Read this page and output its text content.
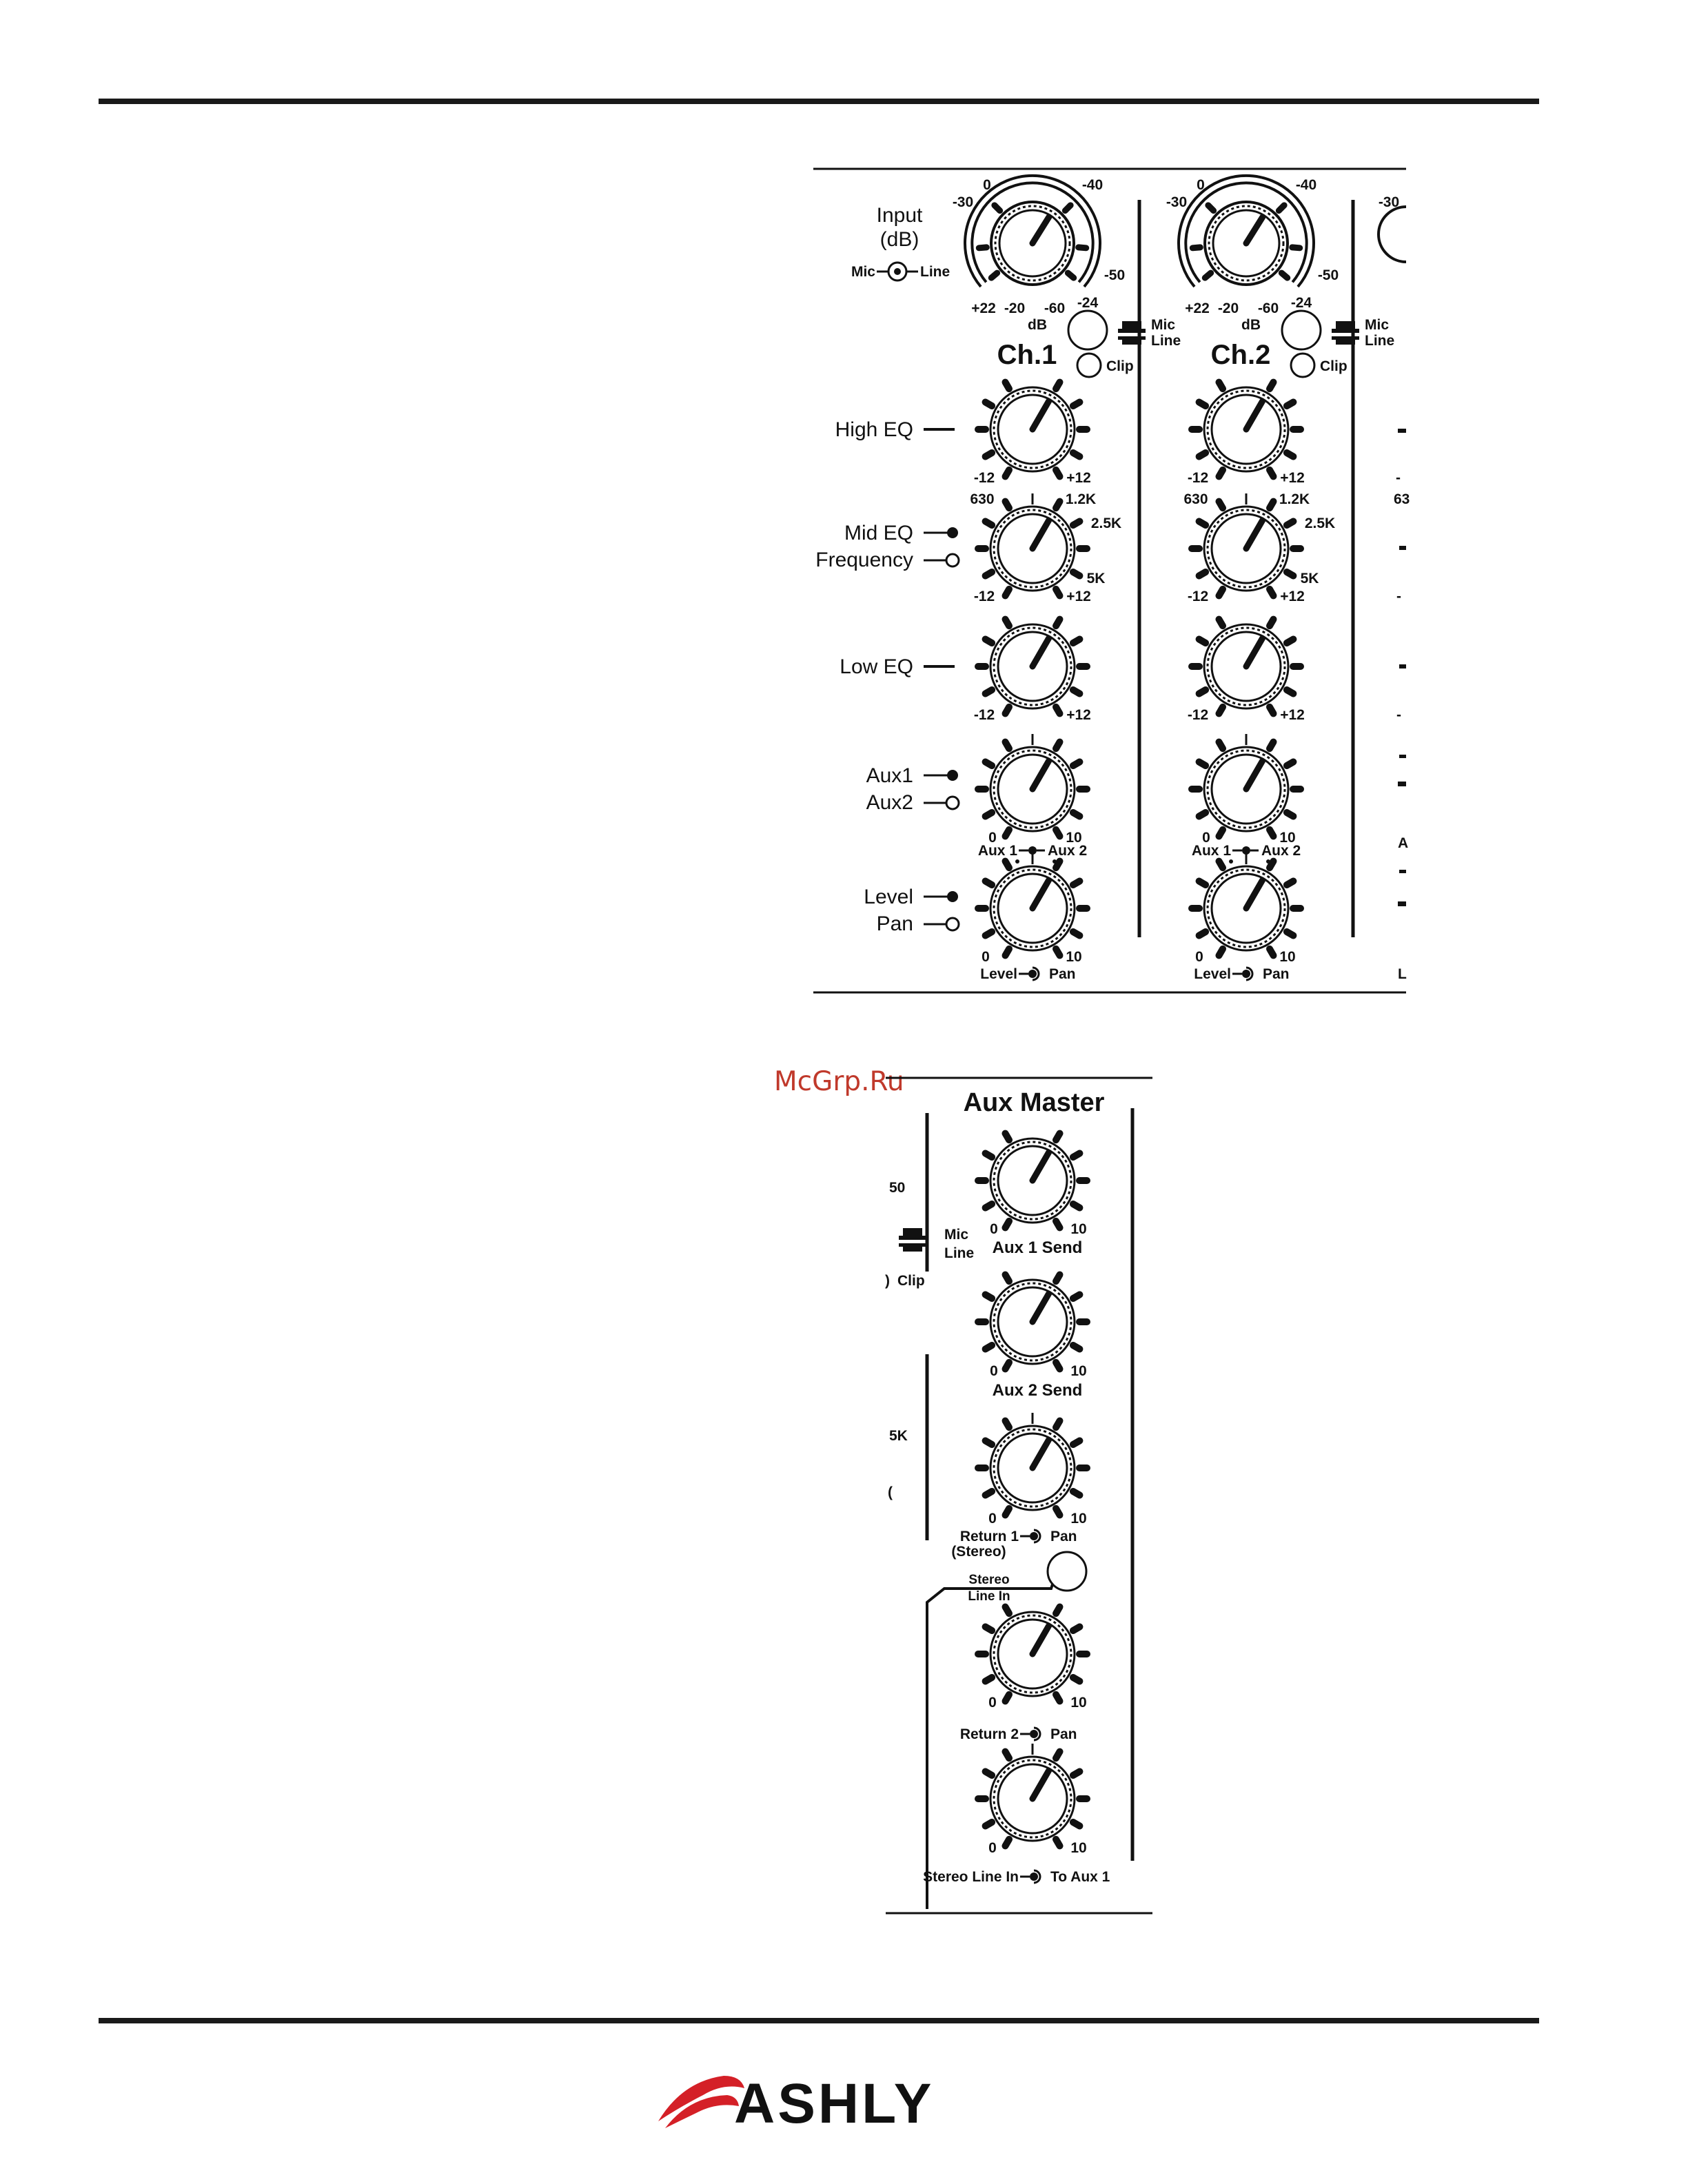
McGrp.Ru
Input
(dB)
Mic	Line
High EQ
Mid EQ
Frequency
Low EQ
Aux1
Aux2
Level
Pan
-30
0	-40
-50
+22 -20 -60 -24
dB	Mic
Line
Ch.1	Clip
-12	+12
630	1.2K
2.5K
5K
-12	+12
-12	+12
0	10
Aux 1 Aux 2
0	10
Level Pan
-30
0	-40
-50
+22 -20 -60 -24
dB	Mic
Line
Ch.2	Clip
-12	+12
630	1.2K
2.5K
5K
-12	+12
-12	+12
0	10
Aux 1 Aux 2
0	10
Level Pan
-30
-
63
-
-
A
L
Aux Master
50
Mic
Line
) Clip
5K
(
0	10
Aux 1 Send
0	10
Aux 2 Send
0	10
Return 1 Pan
(Stereo)
Stereo
Line In
0	10
Return 2 Pan
0	10
Stereo Line In To Aux 1
ASHLY
